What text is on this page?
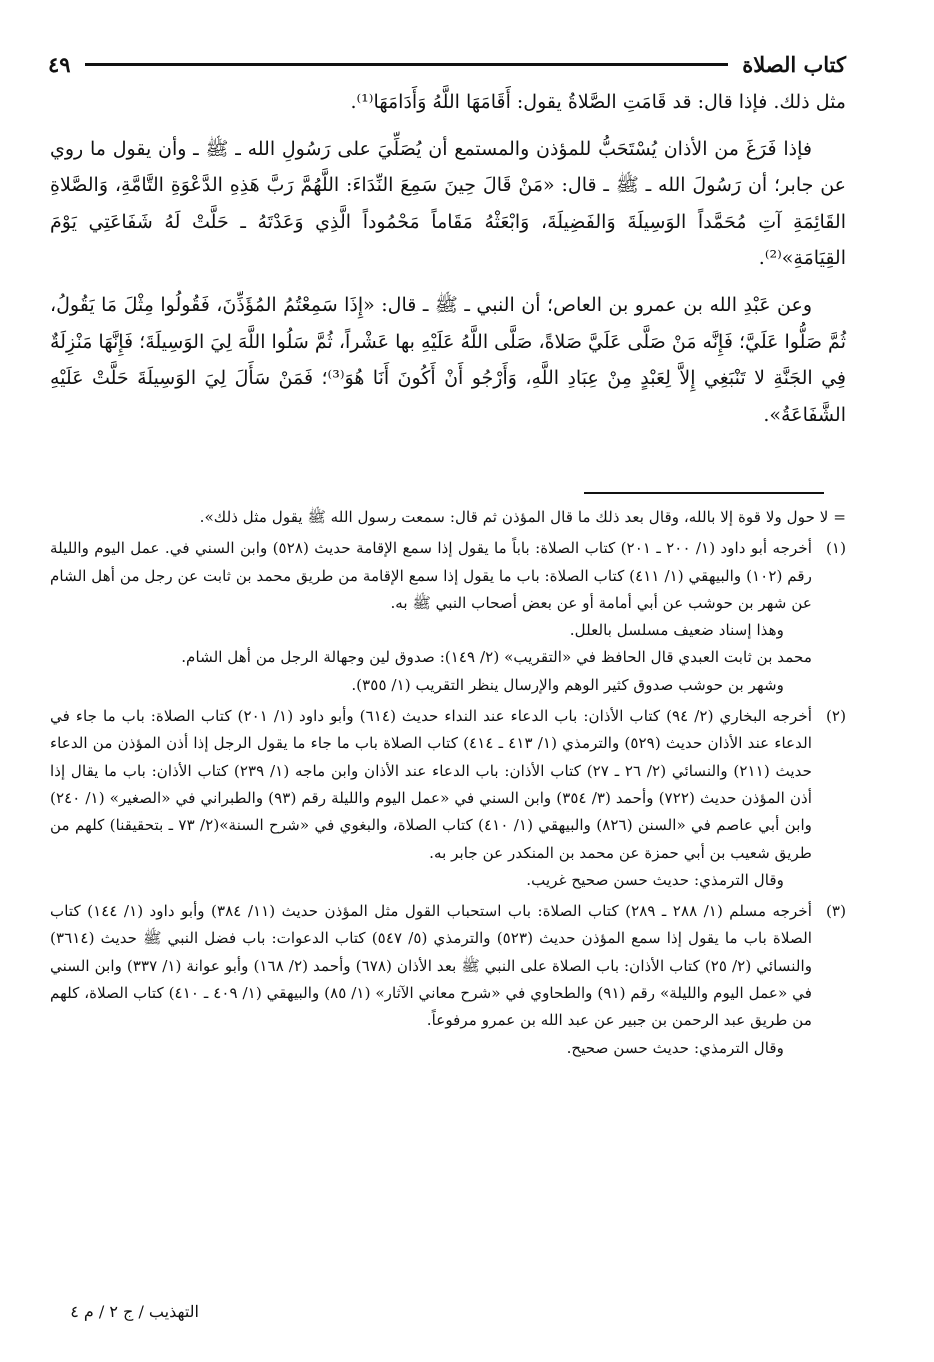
كتاب الصلاة
٤٩

مثل ذلك. فإذا قال: قد قَامَتِ الصَّلاةُ يقول: أَقَامَهَا اللَّهُ وَأَدَامَهَا⁽¹⁾.

فإذا فَرَغَ من الأذان يُسْتَحَبُّ للمؤذن والمستمع أن يُصَلِّيَ على رَسُولِ الله ـ ﷺ ـ وأن يقول ما روي عن جابر؛ أن رَسُولَ الله ـ ﷺ ـ قال: «مَنْ قَالَ حِينَ سَمِعَ النِّدَاءَ: اللَّهُمَّ رَبَّ هَذِهِ الدَّعْوَةِ التَّامَّةِ، وَالصَّلاةِ القَائِمَةِ آتِ مُحَمَّداً الوَسِيلَةَ وَالفَضِيلَةَ، وَابْعَثْهُ مَقَاماً مَحْمُوداً الَّذِي وَعَدْتَهُ ـ حَلَّتْ لَهُ شَفَاعَتِي يَوْمَ القِيَامَةِ»⁽²⁾.

وعن عَبْدِ الله بن عمرو بن العاص؛ أن النبي ـ ﷺ ـ قال: «إِذَا سَمِعْتُمُ المُؤَذِّنَ، فَقُولُوا مِثْلَ مَا يَقُولُ، ثُمَّ صَلُّوا عَلَيَّ؛ فَإِنَّه مَنْ صَلَّى عَلَيَّ صَلاةً، صَلَّى اللَّهُ عَلَيْهِ بها عَشْراً، ثُمَّ سَلُوا اللَّهَ لِيَ الوَسِيلَةَ؛ فَإِنَّهَا مَنْزِلَةٌ فِي الجَنَّةِ لا تَنْبَغِي إِلاَّ لِعَبْدٍ مِنْ عِبَادِ اللَّهِ، وَأَرْجُو أَنْ أَكُونَ أَنَا هُوَ⁽³⁾؛ فَمَنْ سَأَلَ لِيَ الوَسِيلَةَ حَلَّتْ عَلَيْهِ الشَّفَاعَةُ».

= لا حول ولا قوة إلا بالله، وقال بعد ذلك ما قال المؤذن ثم قال: سمعت رسول الله ﷺ يقول مثل ذلك».
(١)أخرجه أبو داود (١/ ٢٠٠ ـ ٢٠١) كتاب الصلاة: باباً ما يقول إذا سمع الإقامة حديث (٥٢٨) وابن السني في. عمل اليوم والليلة رقم (١٠٢) والبيهقي (١/ ٤١١) كتاب الصلاة: باب ما يقول إذا سمع الإقامة من طريق محمد بن ثابت عن رجل من أهل الشام عن شهر بن حوشب عن أبي أمامة أو عن بعض أصحاب النبي ﷺ به.
وهذا إسناد ضعيف مسلسل بالعلل.
محمد بن ثابت العبدي قال الحافظ في «التقريب» (٢/ ١٤٩): صدوق لين وجهالة الرجل من أهل الشام.
وشهر بن حوشب صدوق كثير الوهم والإرسال ينظر التقريب (١/ ٣٥٥).
(٢)أخرجه البخاري (٢/ ٩٤) كتاب الأذان: باب الدعاء عند النداء حديث (٦١٤) وأبو داود (١/ ٢٠١) كتاب الصلاة: باب ما جاء في الدعاء عند الأذان حديث (٥٢٩) والترمذي (١/ ٤١٣ ـ ٤١٤) كتاب الصلاة باب ما جاء ما يقول الرجل إذا أذن المؤذن من الدعاء حديث (٢١١) والنسائي (٢/ ٢٦ ـ ٢٧) كتاب الأذان: باب الدعاء عند الأذان وابن ماجه (١/ ٢٣٩) كتاب الأذان: باب ما يقال إذا أذن المؤذن حديث (٧٢٢) وأحمد (٣/ ٣٥٤) وابن السني في «عمل اليوم والليلة رقم (٩٣) والطبراني في «الصغير» (١/ ٢٤٠) وابن أبي عاصم في «السنن (٨٢٦) والبيهقي (١/ ٤١٠) كتاب الصلاة، والبغوي في «شرح السنة»(٢/ ٧٣ ـ بتحقيقنا) كلهم من طريق شعيب بن أبي حمزة عن محمد بن المنكدر عن جابر به.
وقال الترمذي: حديث حسن صحيح غريب.
(٣)أخرجه مسلم (١/ ٢٨٨ ـ ٢٨٩) كتاب الصلاة: باب استحباب القول مثل المؤذن حديث (١١/ ٣٨٤) وأبو داود (١/ ١٤٤) كتاب الصلاة باب ما يقول إذا سمع المؤذن حديث (٥٢٣) والترمذي (٥/ ٥٤٧) كتاب الدعوات: باب فضل النبي ﷺ حديث (٣٦١٤) والنسائي (٢/ ٢٥) كتاب الأذان: باب الصلاة على النبي ﷺ بعد الأذان (٦٧٨) وأحمد (٢/ ١٦٨) وأبو عوانة (١/ ٣٣٧) وابن السني في «عمل اليوم والليلة» رقم (٩١) والطحاوي في «شرح معاني الآثار» (١/ ٨٥) والبيهقي (١/ ٤٠٩ ـ ٤١٠) كتاب الصلاة، كلهم من طريق عبد الرحمن بن جبير عن عبد الله بن عمرو مرفوعاً.
وقال الترمذي: حديث حسن صحيح.
التهذيب / ج ٢ / م ٤
